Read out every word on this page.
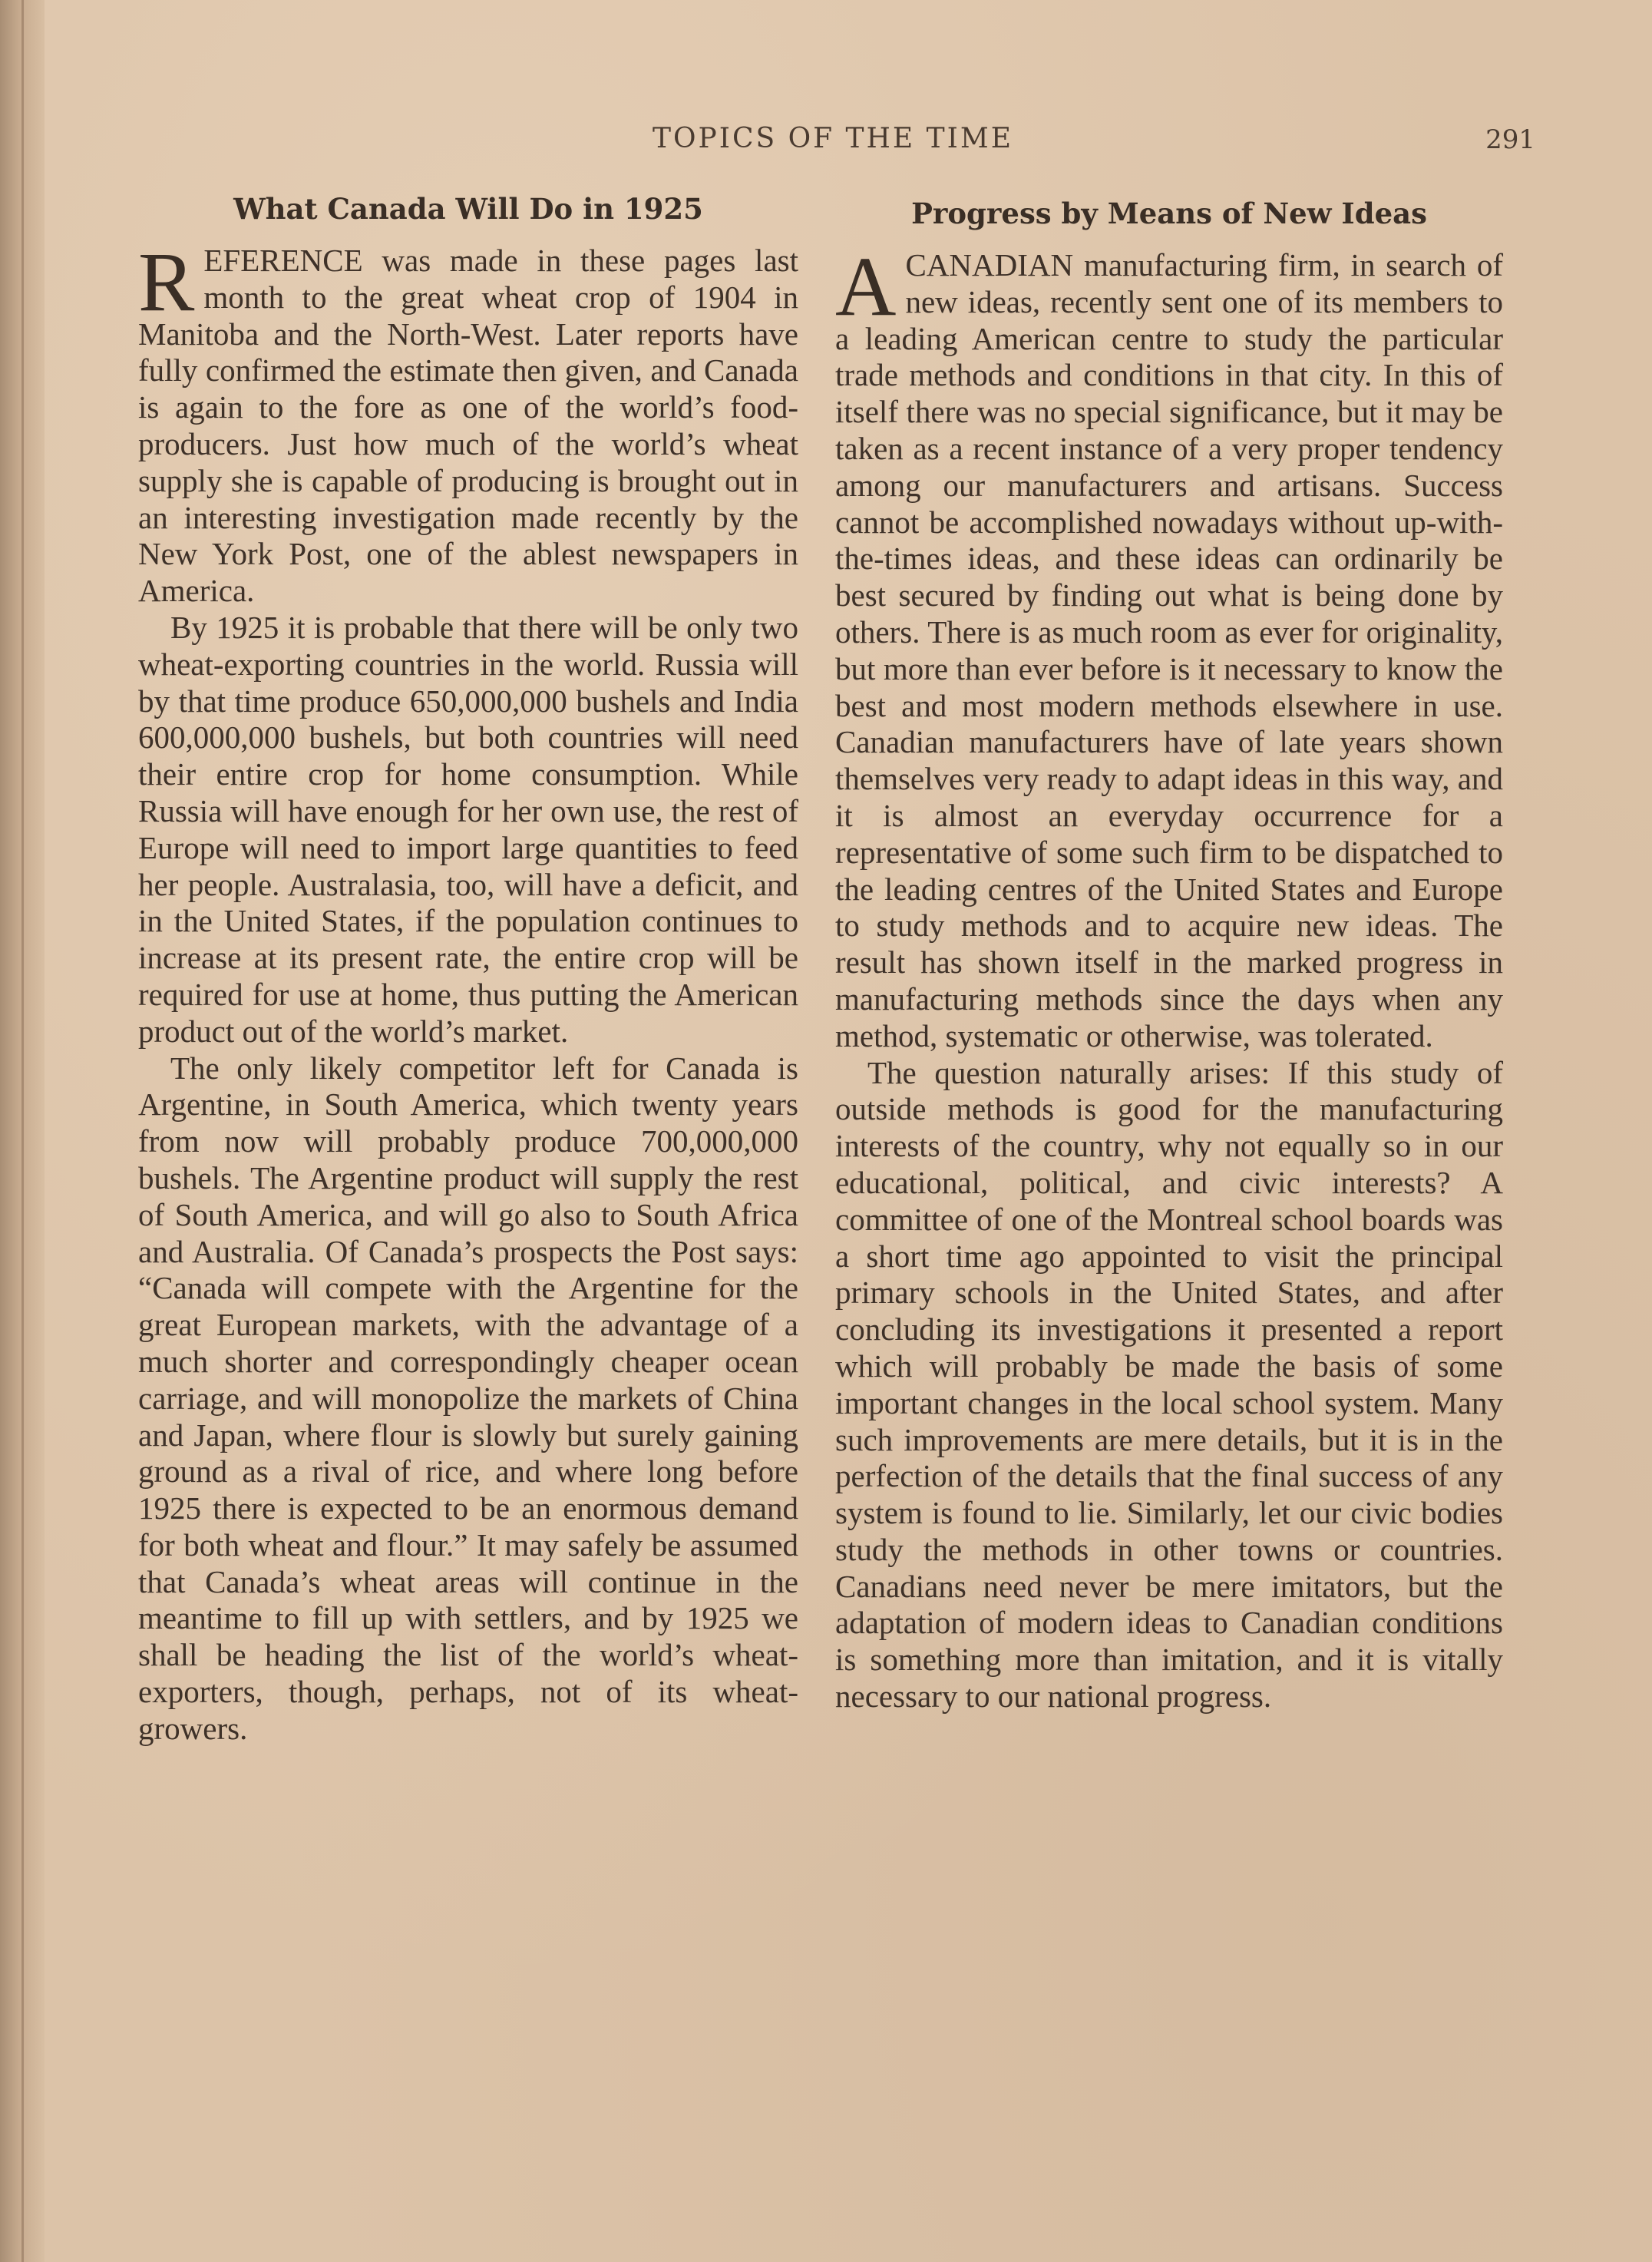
TOPICS OF THE TIME	291
What Canada Will Do in 1925

REFERENCE was made in these pages last month to the great wheat crop of 1904 in Manitoba and the North-West. Later reports have fully confirmed the estimate then given, and Canada is again to the fore as one of the world’s food-producers. Just how much of the world’s wheat supply she is capable of producing is brought out in an interesting investigation made recently by the New York Post, one of the ablest newspapers in America.

By 1925 it is probable that there will be only two wheat-exporting countries in the world. Russia will by that time produce 650,000,000 bushels and India 600,000,000 bushels, but both countries will need their entire crop for home consumption. While Russia will have enough for her own use, the rest of Europe will need to import large quantities to feed her people. Australasia, too, will have a deficit, and in the United States, if the population continues to increase at its present rate, the entire crop will be required for use at home, thus putting the American product out of the world’s market.

The only likely competitor left for Canada is Argentine, in South America, which twenty years from now will probably produce 700,000,000 bushels. The Argentine product will supply the rest of South America, and will go also to South Africa and Australia. Of Canada’s prospects the Post says: “Canada will compete with the Argentine for the great European markets, with the advantage of a much shorter and correspondingly cheaper ocean carriage, and will monopolize the markets of China and Japan, where flour is slowly but surely gaining ground as a rival of rice, and where long before 1925 there is expected to be an enormous demand for both wheat and flour.” It may safely be assumed that Canada’s wheat areas will continue in the meantime to fill up with settlers, and by 1925 we shall be heading the list of the world’s wheat-exporters, though, perhaps, not of its wheat-growers.

Progress by Means of New Ideas

ACANADIAN manufacturing firm, in search of new ideas, recently sent one of its members to a leading American centre to study the particular trade methods and conditions in that city. In this of itself there was no special significance, but it may be taken as a recent instance of a very proper tendency among our manufacturers and artisans. Success cannot be accomplished nowadays without up-with-the-times ideas, and these ideas can ordinarily be best secured by finding out what is being done by others. There is as much room as ever for originality, but more than ever before is it necessary to know the best and most modern methods elsewhere in use. Canadian manufacturers have of late years shown themselves very ready to adapt ideas in this way, and it is almost an everyday occurrence for a representative of some such firm to be dispatched to the leading centres of the United States and Europe to study methods and to acquire new ideas. The result has shown itself in the marked progress in manufacturing methods since the days when any method, systematic or otherwise, was tolerated.

The question naturally arises: If this study of outside methods is good for the manufacturing interests of the country, why not equally so in our educational, political, and civic interests? A committee of one of the Montreal school boards was a short time ago appointed to visit the principal primary schools in the United States, and after concluding its investigations it presented a report which will probably be made the basis of some important changes in the local school system. Many such improvements are mere details, but it is in the perfection of the details that the final success of any system is found to lie. Similarly, let our civic bodies study the methods in other towns or countries. Canadians need never be mere imitators, but the adaptation of modern ideas to Canadian conditions is something more than imitation, and it is vitally necessary to our national progress.
